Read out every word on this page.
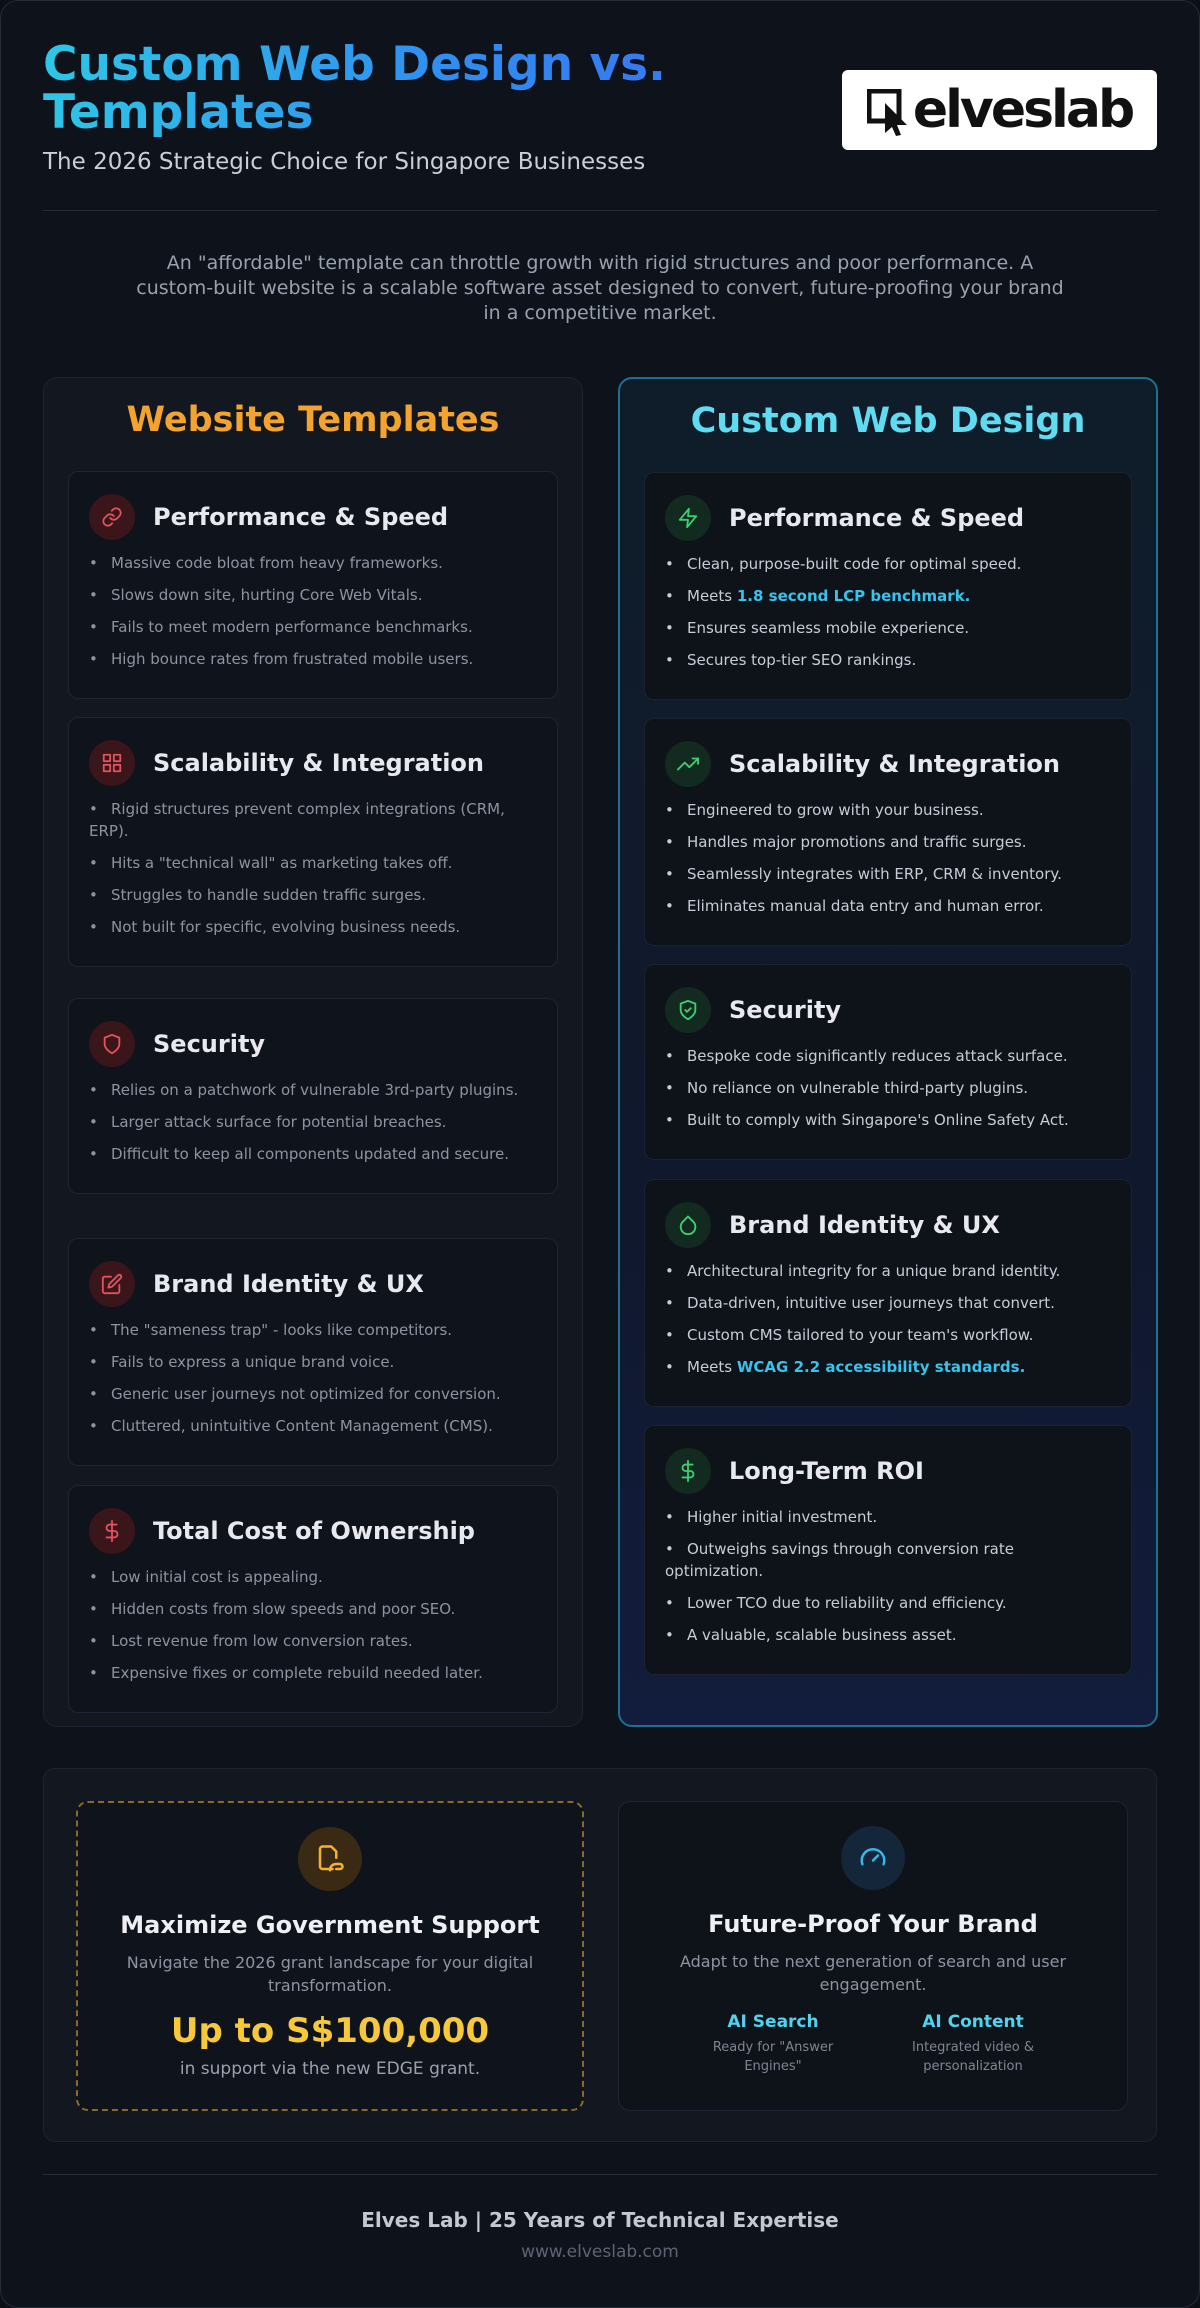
Custom Web Design vs. Templates
The 2026 Strategic Choice for Singapore Businesses
elveslab

An "affordable" template can throttle growth with rigid structures and poor performance. A custom-built website is a scalable software asset designed to convert, future-proofing your brand in a competitive market.

Website Templates
Performance & Speed
• Massive code bloat from heavy frameworks.
• Slows down site, hurting Core Web Vitals.
• Fails to meet modern performance benchmarks.
• High bounce rates from frustrated mobile users.
Scalability & Integration
• Rigid structures prevent complex integrations (CRM, ERP).
• Hits a "technical wall" as marketing takes off.
• Struggles to handle sudden traffic surges.
• Not built for specific, evolving business needs.
Security
• Relies on a patchwork of vulnerable 3rd-party plugins.
• Larger attack surface for potential breaches.
• Difficult to keep all components updated and secure.
Brand Identity & UX
• The "sameness trap" - looks like competitors.
• Fails to express a unique brand voice.
• Generic user journeys not optimized for conversion.
• Cluttered, unintuitive Content Management (CMS).
Total Cost of Ownership
• Low initial cost is appealing.
• Hidden costs from slow speeds and poor SEO.
• Lost revenue from low conversion rates.
• Expensive fixes or complete rebuild needed later.
Custom Web Design
Performance & Speed
• Clean, purpose-built code for optimal speed.
• Meets 1.8 second LCP benchmark.
• Ensures seamless mobile experience.
• Secures top-tier SEO rankings.
Scalability & Integration
• Engineered to grow with your business.
• Handles major promotions and traffic surges.
• Seamlessly integrates with ERP, CRM & inventory.
• Eliminates manual data entry and human error.
Security
• Bespoke code significantly reduces attack surface.
• No reliance on vulnerable third-party plugins.
• Built to comply with Singapore's Online Safety Act.
Brand Identity & UX
• Architectural integrity for a unique brand identity.
• Data-driven, intuitive user journeys that convert.
• Custom CMS tailored to your team's workflow.
• Meets WCAG 2.2 accessibility standards.
Long-Term ROI
• Higher initial investment.
• Outweighs savings through conversion rate optimization.
• Lower TCO due to reliability and efficiency.
• A valuable, scalable business asset.
Maximize Government Support
Navigate the 2026 grant landscape for your digital transformation.
Up to S$100,000
in support via the new EDGE grant.
Future-Proof Your Brand
Adapt to the next generation of search and user engagement.
AI Search
Ready for "Answer Engines"
AI Content
Integrated video & personalization
Elves Lab | 25 Years of Technical Expertise
www.elveslab.com
